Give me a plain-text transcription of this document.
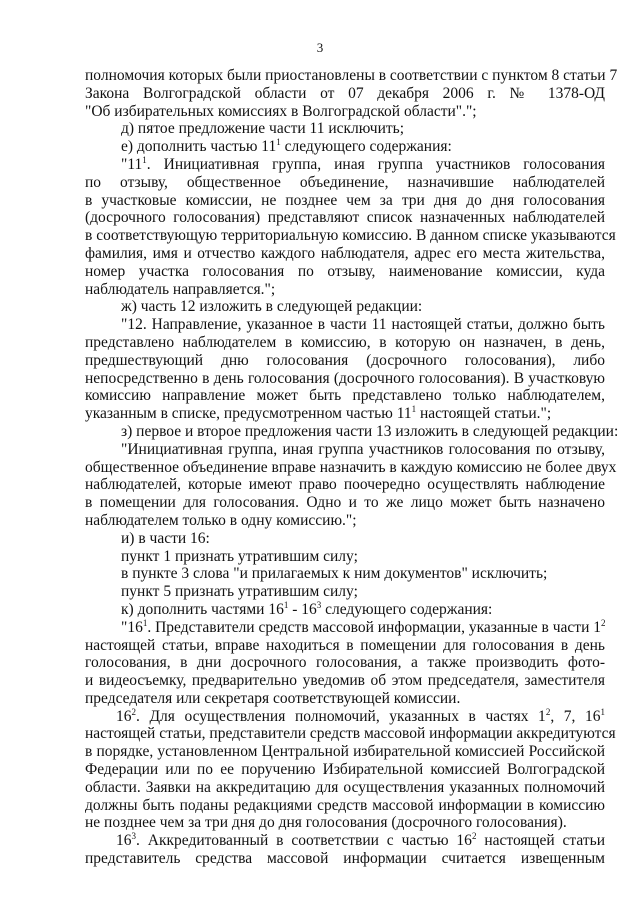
3
полномочия которых были приостановлены в соответствии с пунктом 8 статьи 7
Закона Волгоградской области от 07 декабря 2006 г. № 1378-ОД
"Об избирательных комиссиях в Волгоградской области".";
д) пятое предложение части 11 исключить;
е) дополнить частью $11^1$ следующего содержания:
"$11^1$. Инициативная группа, иная группа участников голосования
по отзыву, общественное объединение, назначившие наблюдателей
в участковые комиссии, не позднее чем за три дня до дня голосования
(досрочного голосования) представляют список назначенных наблюдателей
в соответствующую территориальную комиссию. В данном списке указываются
фамилия, имя и отчество каждого наблюдателя, адрес его места жительства,
номер участка голосования по отзыву, наименование комиссии, куда
наблюдатель направляется.";
ж) часть 12 изложить в следующей редакции:
"12. Направление, указанное в части 11 настоящей статьи, должно быть
представлено наблюдателем в комиссию, в которую он назначен, в день,
предшествующий дню голосования (досрочного голосования), либо
непосредственно в день голосования (досрочного голосования). В участковую
комиссию направление может быть представлено только наблюдателем,
указанным в списке, предусмотренном частью $11^1$ настоящей статьи.";
з) первое и второе предложения части 13 изложить в следующей редакции:
"Инициативная группа, иная группа участников голосования по отзыву,
общественное объединение вправе назначить в каждую комиссию не более двух
наблюдателей, которые имеют право поочередно осуществлять наблюдение
в помещении для голосования. Одно и то же лицо может быть назначено
наблюдателем только в одну комиссию.";
и) в части 16:
пункт 1 признать утратившим силу;
в пункте 3 слова "и прилагаемых к ним документов" исключить;
пункт 5 признать утратившим силу;
к) дополнить частями $16^1 - 16^3$ следующего содержания:
"$16^1$. Представители средств массовой информации, указанные в части $1^2$
настоящей статьи, вправе находиться в помещении для голосования в день
голосования, в дни досрочного голосования, а также производить фото-
и видеосъемку, предварительно уведомив об этом председателя, заместителя
председателя или секретаря соответствующей комиссии.
$16^2$. Для осуществления полномочий, указанных в частях $1^2$, 7, $16^1$
настоящей статьи, представители средств массовой информации аккредитуются
в порядке, установленном Центральной избирательной комиссией Российской
Федерации или по ее поручению Избирательной комиссией Волгоградской
области. Заявки на аккредитацию для осуществления указанных полномочий
должны быть поданы редакциями средств массовой информации в комиссию
не позднее чем за три дня до дня голосования (досрочного голосования).
$16^3$. Аккредитованный в соответствии с частью $16^2$ настоящей статьи
представитель средства массовой информации считается извещенным
